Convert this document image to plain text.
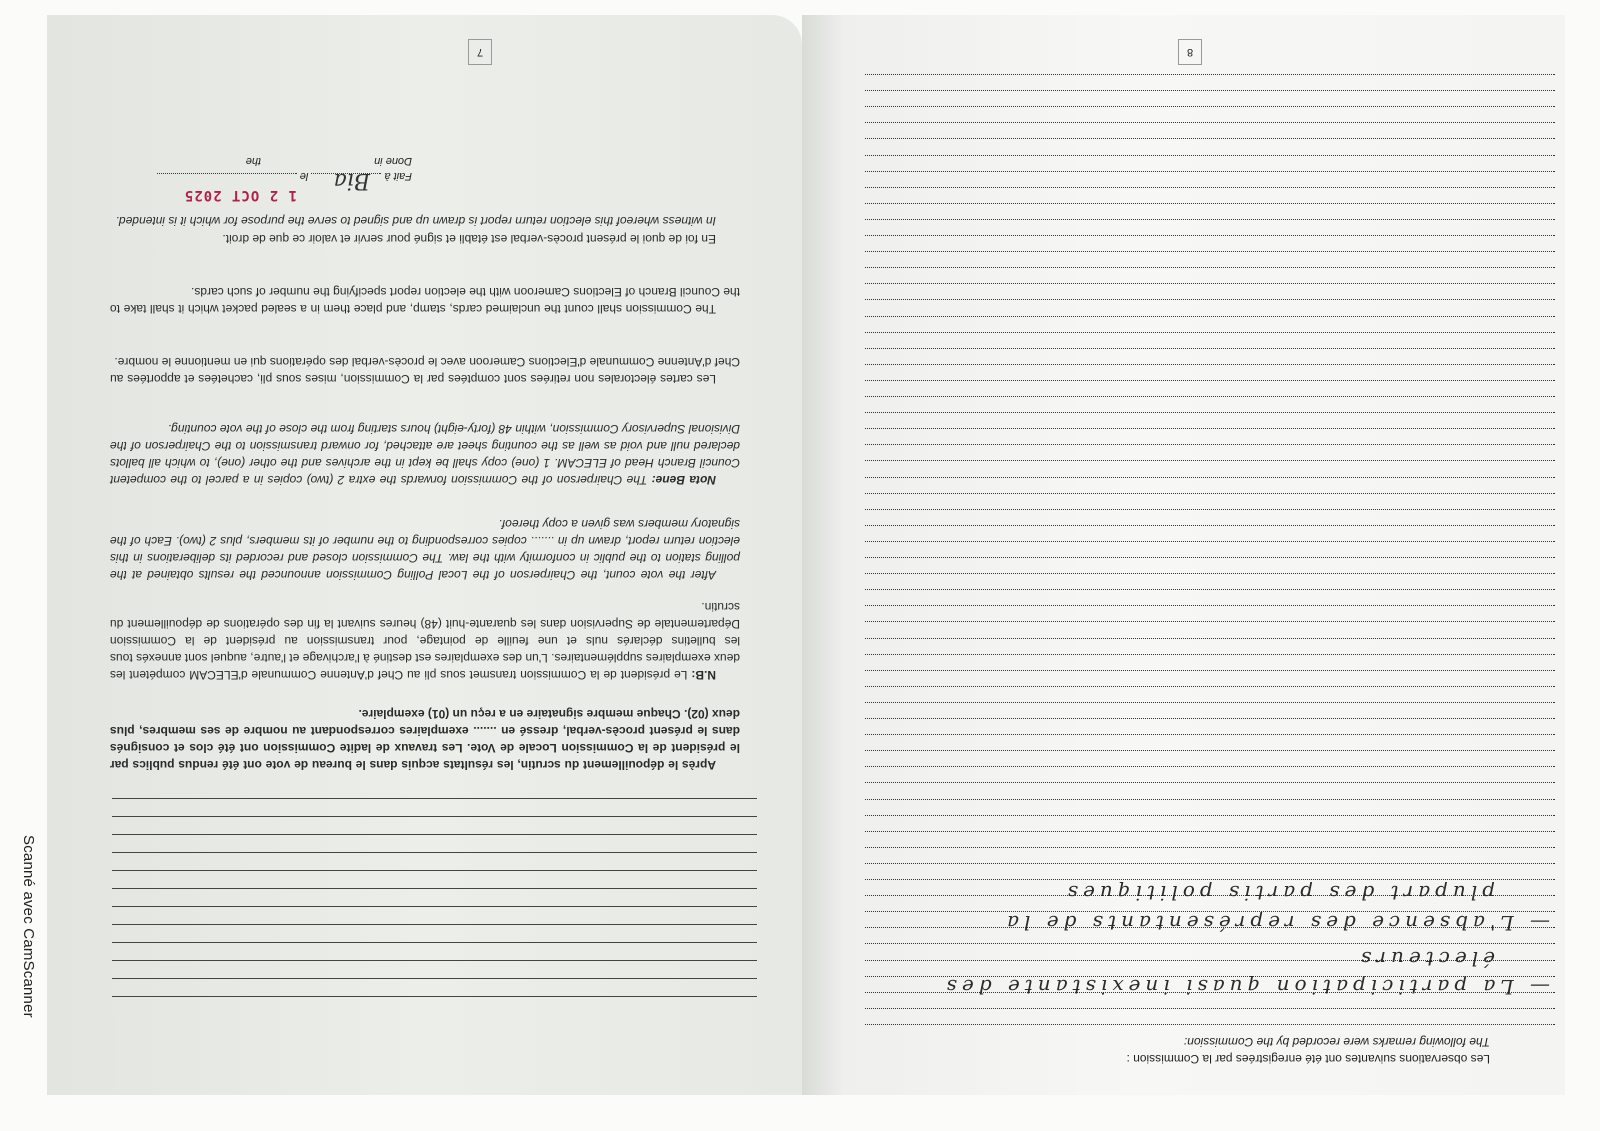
Scanné avec CamScanner
Après le dépouillement du scrutin, les résultats acquis dans le bureau de vote ont été rendus publics par le président de la Commission Locale de Vote. Les travaux de ladite Commission ont été clos et consignés dans le présent procès-verbal, dressé en ....... exemplaires correspondant au nombre de ses membres, plus deux (02). Chaque membre signataire en a reçu un (01) exemplaire.
N.B: Le président de la Commission transmet sous pli au Chef d'Antenne Communale d'ELECAM compétent les deux exemplaires supplémentaires. L'un des exemplaires est destiné à l'archivage et l'autre, auquel sont annexés tous les bulletins déclarés nuls et une feuille de pointage, pour transmission au président de la Commission Départementale de Supervision dans les quarante-huit (48) heures suivant la fin des opérations de dépouillement du scrutin.
After the vote count, the Chairperson of the Local Polling Commission announced the results obtained at the polling station to the public in conformity with the law. The Commission closed and recorded its deliberations in this election return report, drawn up in ....... copies corresponding to the number of its members, plus 2 (two). Each of the signatory members was given a copy thereof.
Nota Bene: The Chairperson of the Commission forwards the extra 2 (two) copies in a parcel to the competent Council Branch Head of ELECAM. 1 (one) copy shall be kept in the archives and the other (one), to which all ballots declared null and void as well as the counting sheet are attached, for onward transmission to the Chairperson of the Divisional Supervisory Commission, within 48 (forty-eight) hours starting from the close of the vote counting.
Les cartes électorales non retirées sont comptées par la Commission, mises sous pli, cachetées et apportées au Chef d'Antenne Communale d'Elections Cameroon avec le procès-verbal des opérations qui en mentionne le nombre.
The Commission shall count the unclaimed cards, stamp, and place them in a sealed packet which it shall take to the Council Branch of Elections Cameroon with the election report specifying the number of such cards.
En foi de quoi le présent procès-verbal est établi et signé pour servir et valoir ce que de droit.
In witness whereof this election return report is drawn up and signed to serve the purpose for which it is intended.
1 2 OCT 2025
Fait à  le
Done in the
Bia
7
Les observations suivantes ont été enregistrées par la Commission :
The following remarks were recorded by the Commission:
— La participation quasi inexistante des
électeurs
— L'absence des représentants de la
plupart des partis politiques
8
